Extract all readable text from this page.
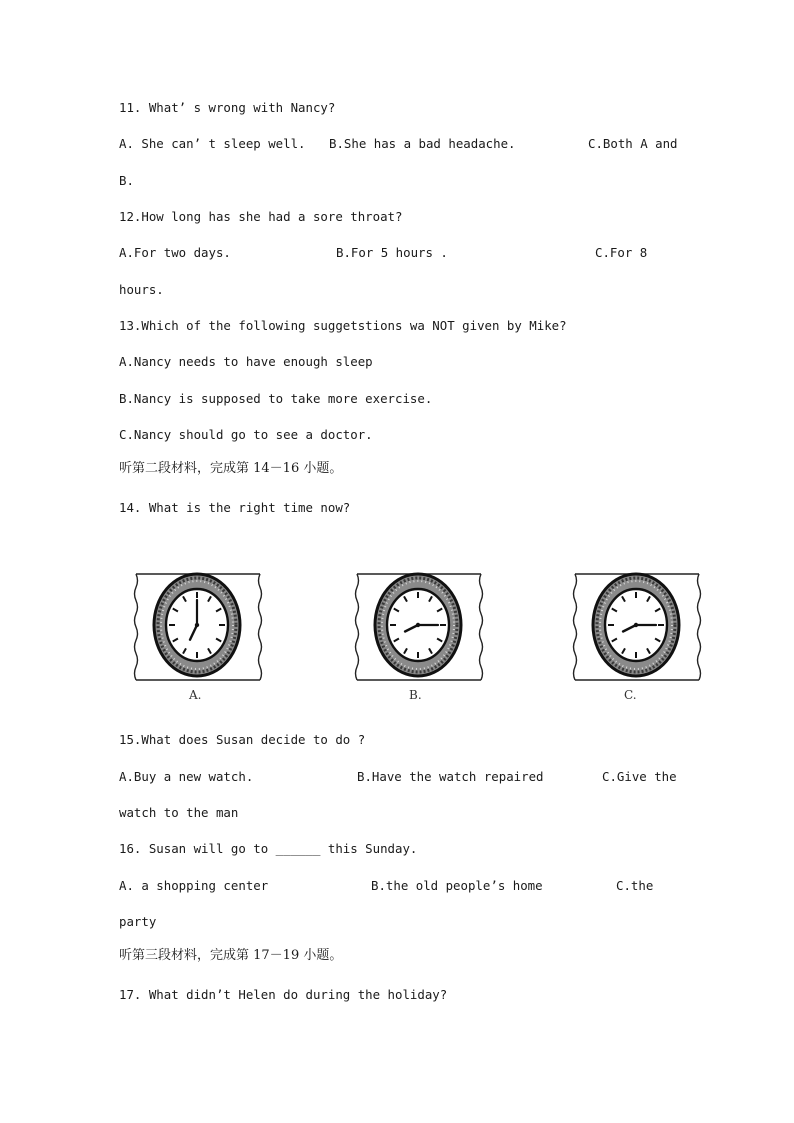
11. What’ s wrong with Nancy?
A. She can’ t sleep well. B.She has a bad headache.	C.Both A and
B.
12.How long has she had a sore throat?
A.For two days.	B.For 5 hours .	C.For 8
hours.
13.Which of the following suggetstions wa NOT given by Mike?
A.Nancy needs to have enough sleep
B.Nancy is supposed to take more exercise.
C.Nancy should go to see a doctor.
听第二段材料，完成第 14－16 小题。
14. What is the right time now?
A.	B.	C.
15.What does Susan decide to do ?
A.Buy a new watch.	B.Have the watch repaired	C.Give the
watch to the man
16. Susan will go to ______ this Sunday.
A. a shopping center	B.the old people’s home	C.the
party
听第三段材料，完成第 17－19 小题。
17. What didn’t Helen do during the holiday?
